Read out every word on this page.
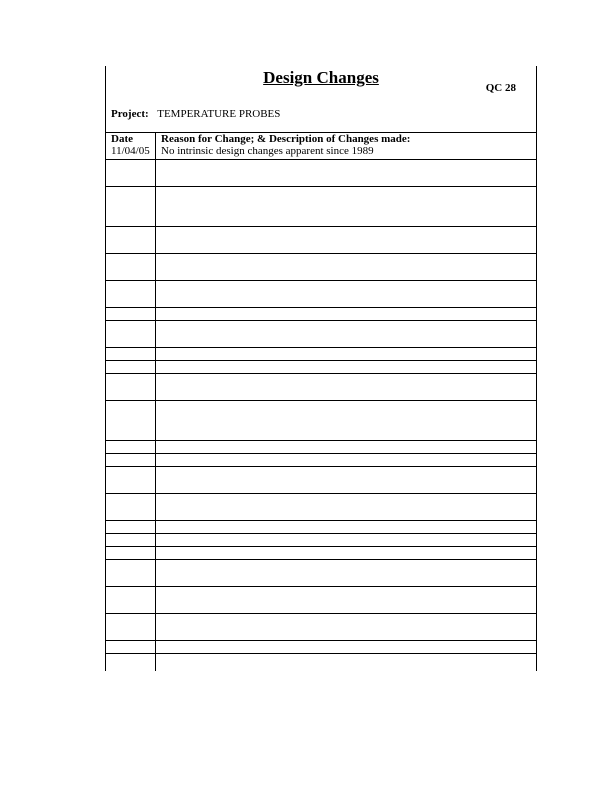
Design Changes
QC 28
Project: TEMPERATURE PROBES
Date
11/04/05
Reason for Change; & Description of Changes made:
No intrinsic design changes apparent since 1989
